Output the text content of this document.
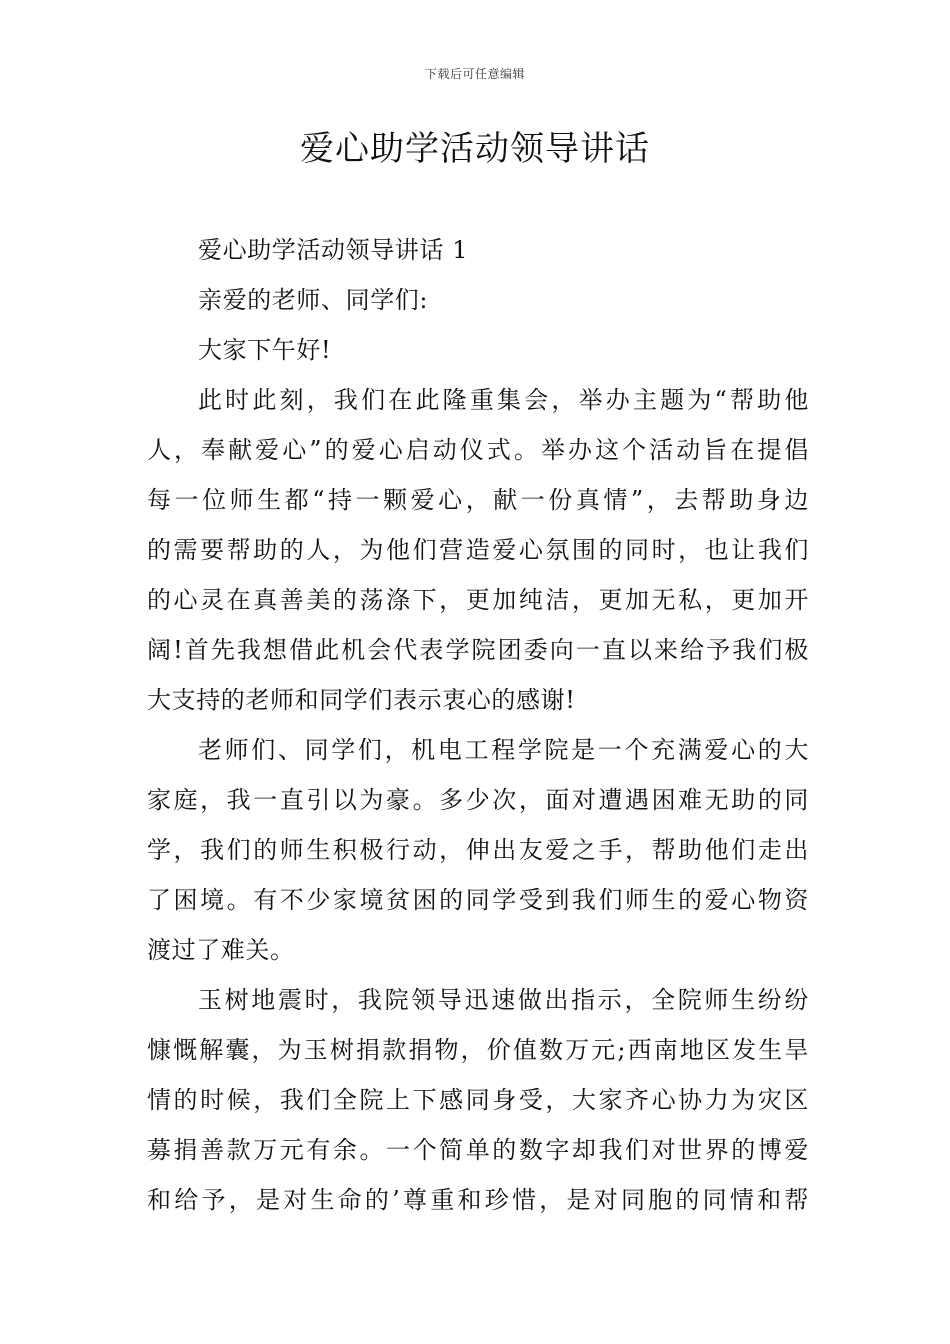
下载后可任意编辑
爱心助学活动领导讲话

爱心助学活动领导讲话 1

亲爱的老师、同学们:

大家下午好!

此时此刻，我们在此隆重集会，举办主题为“帮助他

人，奉献爱心”的爱心启动仪式。举办这个活动旨在提倡

每一位师生都“持一颗爱心，献一份真情”，去帮助身边

的需要帮助的人，为他们营造爱心氛围的同时，也让我们

的心灵在真善美的荡涤下，更加纯洁，更加无私，更加开

阔!首先我想借此机会代表学院团委向一直以来给予我们极

大支持的老师和同学们表示衷心的感谢!

老师们、同学们，机电工程学院是一个充满爱心的大

家庭，我一直引以为豪。多少次，面对遭遇困难无助的同

学，我们的师生积极行动，伸出友爱之手，帮助他们走出

了困境。有不少家境贫困的同学受到我们师生的爱心物资

渡过了难关。

玉树地震时，我院领导迅速做出指示，全院师生纷纷

慷慨解囊，为玉树捐款捐物，价值数万元;西南地区发生旱

情的时候，我们全院上下感同身受，大家齐心协力为灾区

募捐善款万元有余。一个简单的数字却我们对世界的博爱

和给予，是对生命的’尊重和珍惜，是对同胞的同情和帮
